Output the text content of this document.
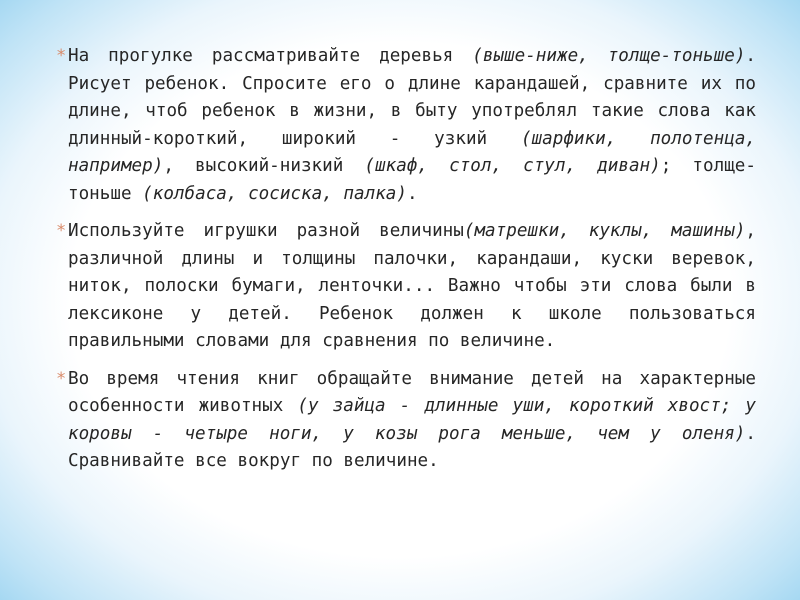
* На прогулке рассматривайте деревья (выше-ниже, толще-тоньше). Рисует ребенок. Спросите его о длине карандашей, сравните их по длине, чтоб ребенок в жизни, в быту употреблял такие слова как длинный-короткий, широкий - узкий (шарфики, полотенца, например), высокий-низкий (шкаф, стол, стул, диван); толще-тоньше (колбаса, сосиска, палка).
* Используйте игрушки разной величины(матрешки, куклы, машины), различной длины и толщины палочки, карандаши, куски веревок, ниток, полоски бумаги, ленточки... Важно чтобы эти слова были в лексиконе у детей. Ребенок должен к школе пользоваться правильными словами для сравнения по величине.
* Во время чтения книг обращайте внимание детей на характерные особенности животных (у зайца - длинные уши, короткий хвост; у коровы - четыре ноги, у козы рога меньше, чем у оленя). Сравнивайте все вокруг по величине.
